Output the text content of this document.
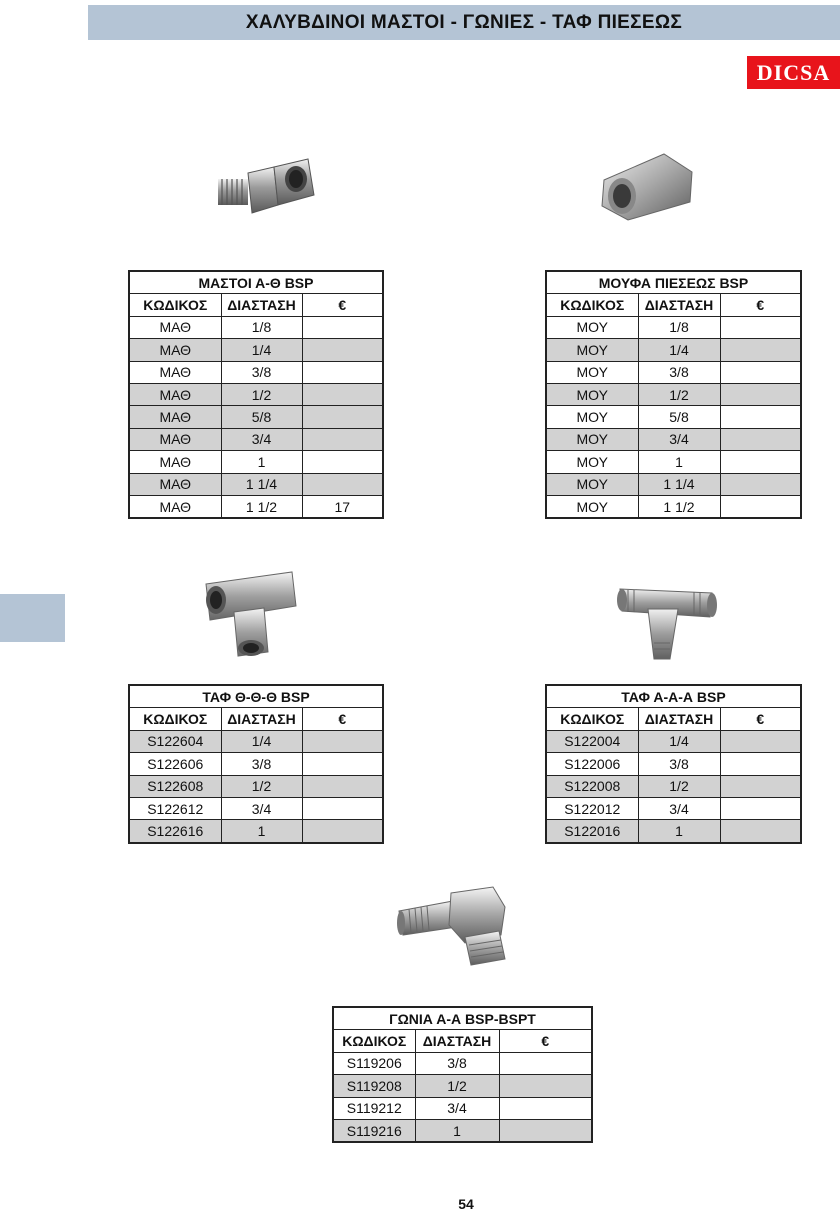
ΧΑΛΥΒΔΙΝΟΙ ΜΑΣΤΟΙ - ΓΩΝΙΕΣ - ΤΑΦ ΠΙΕΣΕΩΣ
DICSA
ΜΑΣΤΟΙ Α-Θ BSP		
ΚΩΔΙΚΟΣ	ΔΙΑΣΤΑΣΗ	€
ΜΑΘ	1/8	
ΜΑΘ	1/4	
ΜΑΘ	3/8	
ΜΑΘ	1/2	
ΜΑΘ	5/8	
ΜΑΘ	3/4	
ΜΑΘ	1	
ΜΑΘ	1 1/4	
ΜΑΘ	1 1/2	17
ΜΟΥΦΑ ΠΙΕΣΕΩΣ BSP		
ΚΩΔΙΚΟΣ	ΔΙΑΣΤΑΣΗ	€
ΜΟΥ	1/8	
ΜΟΥ	1/4	
ΜΟΥ	3/8	
ΜΟΥ	1/2	
ΜΟΥ	5/8	
ΜΟΥ	3/4	
ΜΟΥ	1	
ΜΟΥ	1 1/4	
ΜΟΥ	1 1/2	
ΤΑΦ Θ-Θ-Θ BSP		
ΚΩΔΙΚΟΣ	ΔΙΑΣΤΑΣΗ	€
S122604	1/4	
S122606	3/8	
S122608	1/2	
S122612	3/4	
S122616	1	
ΤΑΦ Α-Α-Α BSP		
ΚΩΔΙΚΟΣ	ΔΙΑΣΤΑΣΗ	€
S122004	1/4	
S122006	3/8	
S122008	1/2	
S122012	3/4	
S122016	1	
ΓΩΝΙΑ Α-Α BSP-BSPT		
ΚΩΔΙΚΟΣ	ΔΙΑΣΤΑΣΗ	€
S119206	3/8	
S119208	1/2	
S119212	3/4	
S119216	1	
54
